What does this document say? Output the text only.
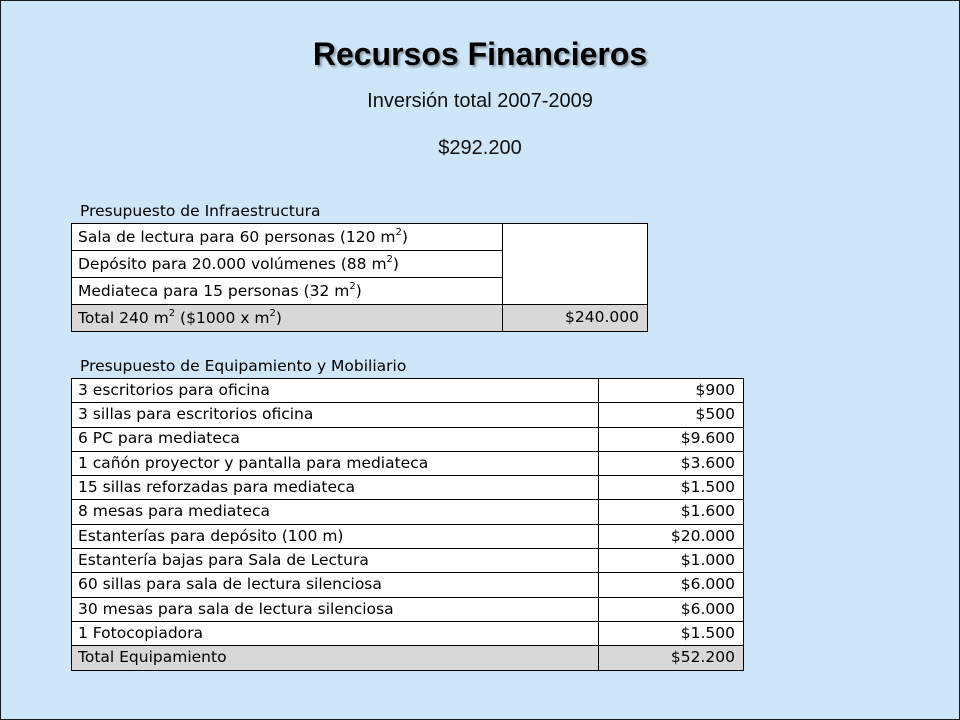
Recursos Financieros
Inversión total 2007-2009
$292.200
Presupuesto de Infraestructura
Sala de lectura para 60 personas (120 $m^2$)	
Depósito para 20.000 volúmenes (88 $m^2$)	
Mediateca para 15 personas (32 $m^2$)	
Total 240 $m^2$ ($1000 x $m^2$)	$240.000
Presupuesto de Equipamiento y Mobiliario
3 escritorios para oficina	$900
3 sillas para escritorios oficina	$500
6 PC para mediateca	$9.600
1 cañón proyector y pantalla para mediateca	$3.600
15 sillas reforzadas para mediateca	$1.500
8 mesas para mediateca	$1.600
Estanterías para depósito (100 m)	$20.000
Estantería bajas para Sala de Lectura	$1.000
60 sillas para sala de lectura silenciosa	$6.000
30 mesas para sala de lectura silenciosa	$6.000
1 Fotocopiadora	$1.500
Total Equipamiento	$52.200
